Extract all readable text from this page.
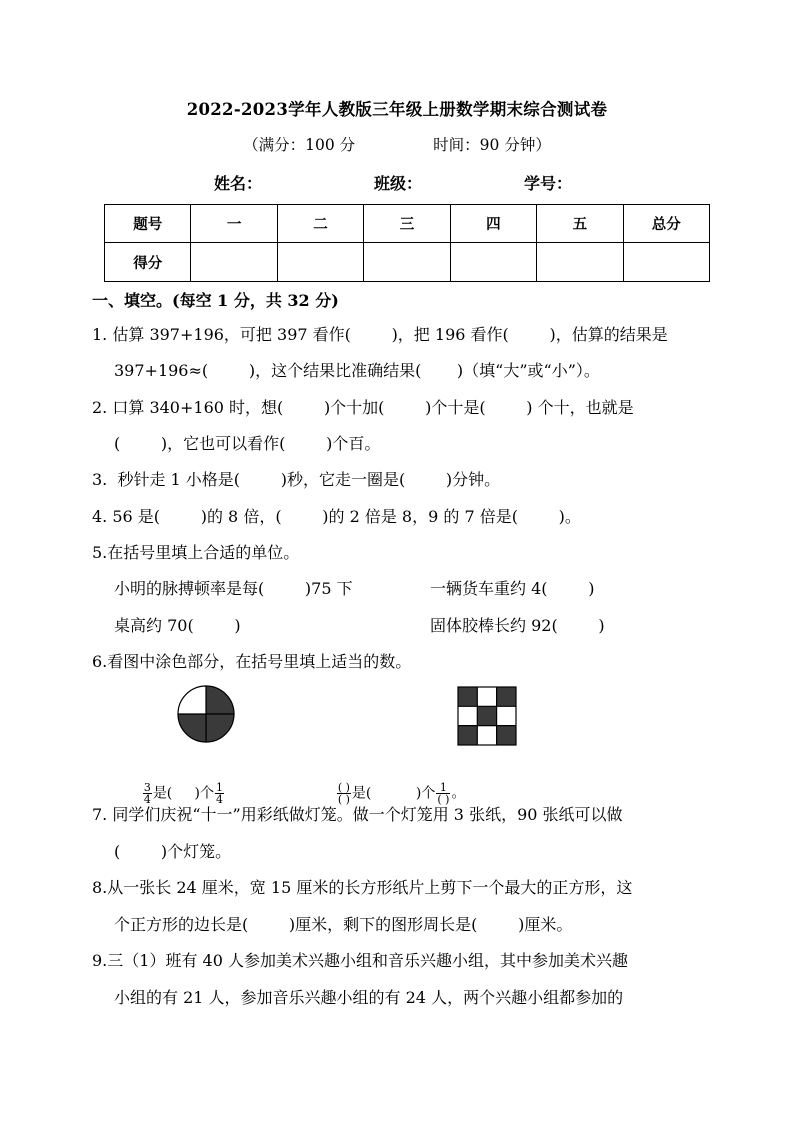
2022-2023学年人教版三年级上册数学期末综合测试卷
（满分：100 分	时间：90 分钟）
姓名：	班级：	学号：
题号	一	二	三	四	五	总分
得分						
一、填空。(每空 1 分，共 32 分)
1. 估算 397+196，可把 397 看作(        )，把 196 看作(        )，估算的结果是
397+196≈(        )，这个结果比准确结果(       )（填“大”或“小”）。
2. 口算 340+160 时，想(        )个十加(        )个十是(        ) 个十，也就是
(        )，它也可以看作(        )个百。
3.  秒针走 1 小格是(        )秒，它走一圈是(        )分钟。
4. 56 是(        )的 8 倍，(        )的 2 倍是 8，9 的 7 倍是(        )。
5.在括号里填上合适的单位。
小明的脉搏顿率是每(        )75 下	一辆货车重约 4(        )
桌高约 70(        )	固体胶棒长约 92(        )
6.看图中涂色部分，在括号里填上适当的数。

$\frac{3}{4}$ 是(     )个 $\frac{1}{4}$

	$\frac{( )}{( )}$ 是(          )个 $\frac{1}{( )}$ 。

7. 同学们庆祝“十一”用彩纸做灯笼。做一个灯笼用 3 张纸，90 张纸可以做
(        )个灯笼。
8.从一张长 24 厘米，宽 15 厘米的长方形纸片上剪下一个最大的正方形，这
个正方形的边长是(        )厘米，剩下的图形周长是(        )厘米。
9.三（1）班有 40 人参加美术兴趣小组和音乐兴趣小组，其中参加美术兴趣
小组的有 21 人，参加音乐兴趣小组的有 24 人，两个兴趣小组都参加的
